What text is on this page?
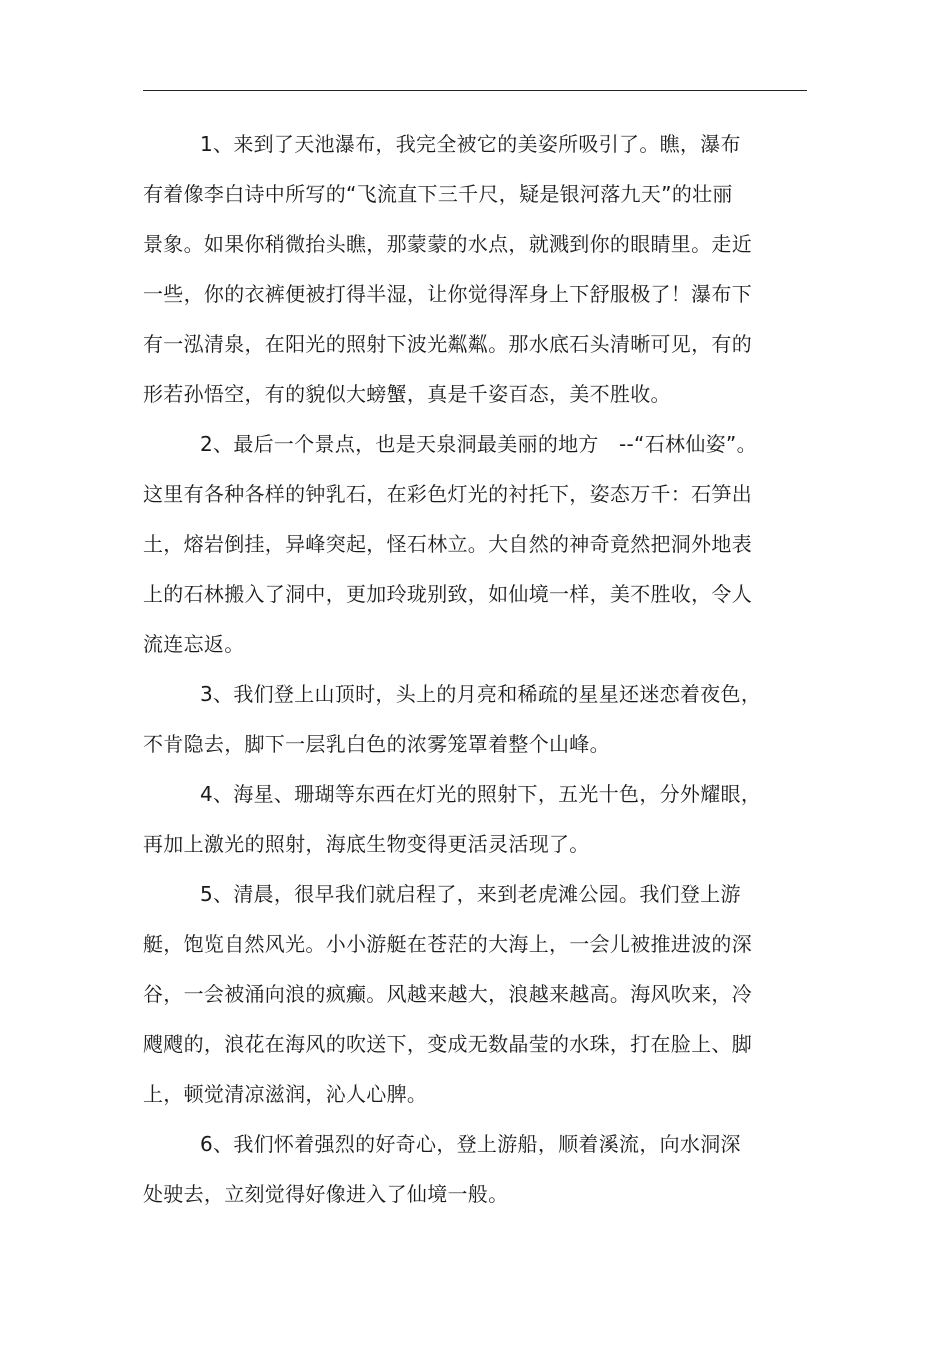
1、来到了天池瀑布，我完全被它的美姿所吸引了。瞧，瀑布
有着像李白诗中所写的“飞流直下三千尺，疑是银河落九天”的壮丽
景象。如果你稍微抬头瞧，那蒙蒙的水点，就溅到你的眼睛里。走近
一些，你的衣裤便被打得半湿，让你觉得浑身上下舒服极了！瀑布下
有一泓清泉，在阳光的照射下波光粼粼。那水底石头清晰可见，有的
形若孙悟空，有的貌似大螃蟹，真是千姿百态，美不胜收。
2、最后一个景点，也是天泉洞最美丽的地方　--“石林仙姿”。
这里有各种各样的钟乳石，在彩色灯光的衬托下，姿态万千：石笋出
土，熔岩倒挂，异峰突起，怪石林立。大自然的神奇竟然把洞外地表
上的石林搬入了洞中，更加玲珑别致，如仙境一样，美不胜收，令人
流连忘返。
3、我们登上山顶时，头上的月亮和稀疏的星星还迷恋着夜色，
不肯隐去，脚下一层乳白色的浓雾笼罩着整个山峰。
4、海星、珊瑚等东西在灯光的照射下，五光十色，分外耀眼，
再加上激光的照射，海底生物变得更活灵活现了。
5、清晨，很早我们就启程了，来到老虎滩公园。我们登上游
艇，饱览自然风光。小小游艇在苍茫的大海上，一会儿被推进波的深
谷，一会被涌向浪的疯癫。风越来越大，浪越来越高。海风吹来，冷
飕飕的，浪花在海风的吹送下，变成无数晶莹的水珠，打在脸上、脚
上，顿觉清凉滋润，沁人心脾。
6、我们怀着强烈的好奇心，登上游船，顺着溪流，向水洞深
处驶去，立刻觉得好像进入了仙境一般。
